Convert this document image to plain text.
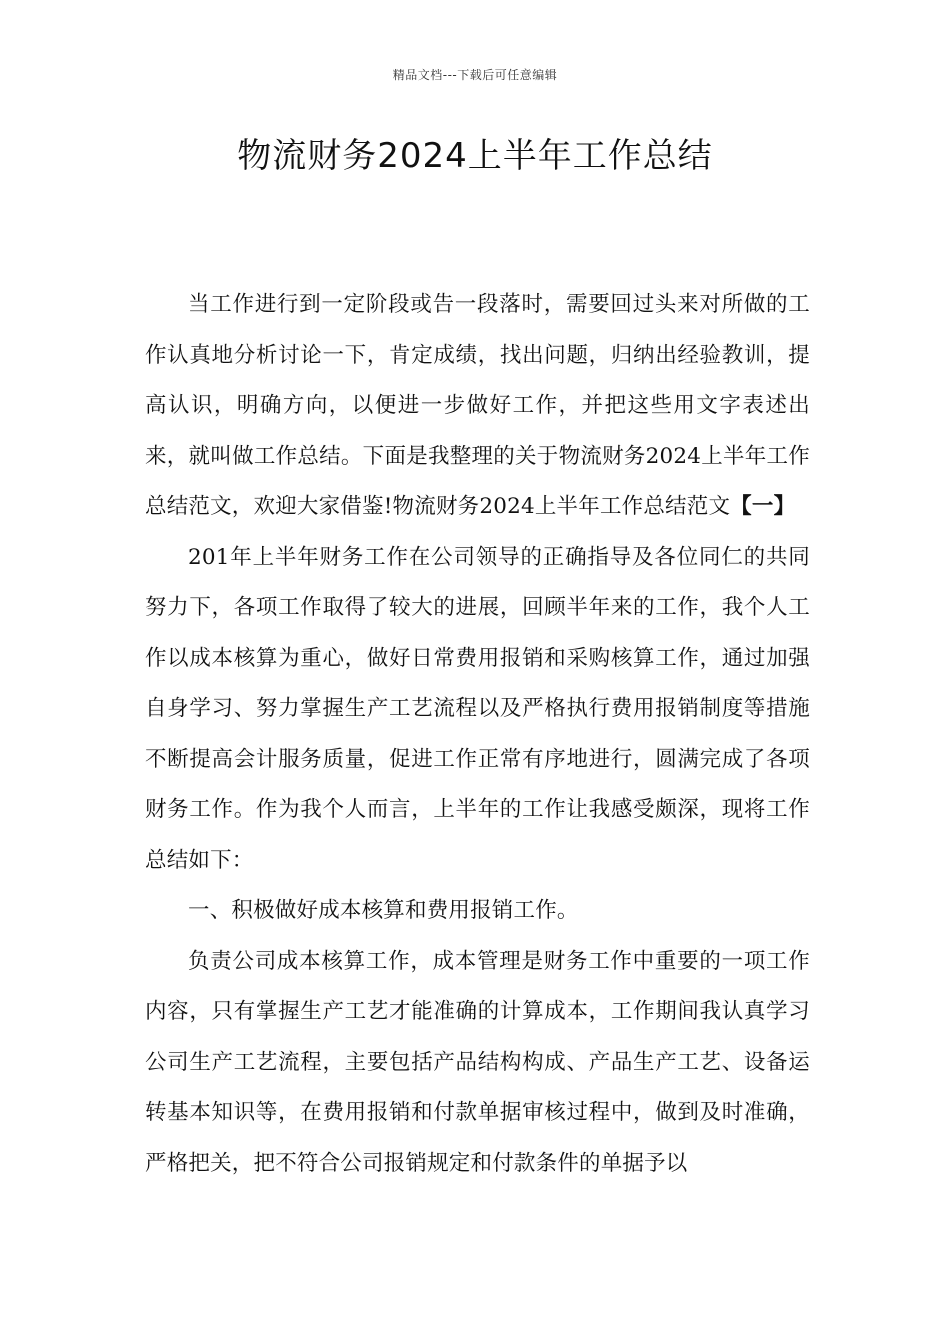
精品文档---下载后可任意编辑
物流财务2024上半年工作总结

当工作进行到一定阶段或告一段落时，需要回过头来对所做的工作认真地分析讨论一下，肯定成绩，找出问题，归纳出经验教训，提高认识，明确方向，以便进一步做好工作，并把这些用文字表述出来，就叫做工作总结。下面是我整理的关于物流财务2024上半年工作总结范文，欢迎大家借鉴!物流财务2024上半年工作总结范文【一】

201年上半年财务工作在公司领导的正确指导及各位同仁的共同努力下，各项工作取得了较大的进展，回顾半年来的工作，我个人工作以成本核算为重心，做好日常费用报销和采购核算工作，通过加强自身学习、努力掌握生产工艺流程以及严格执行费用报销制度等措施不断提高会计服务质量，促进工作正常有序地进行，圆满完成了各项财务工作。作为我个人而言，上半年的工作让我感受颇深，现将工作总结如下：

一、积极做好成本核算和费用报销工作。

负责公司成本核算工作，成本管理是财务工作中重要的一项工作内容，只有掌握生产工艺才能准确的计算成本，工作期间我认真学习公司生产工艺流程，主要包括产品结构构成、产品生产工艺、设备运转基本知识等，在费用报销和付款单据审核过程中，做到及时准确，严格把关，把不符合公司报销规定和付款条件的单据予以
